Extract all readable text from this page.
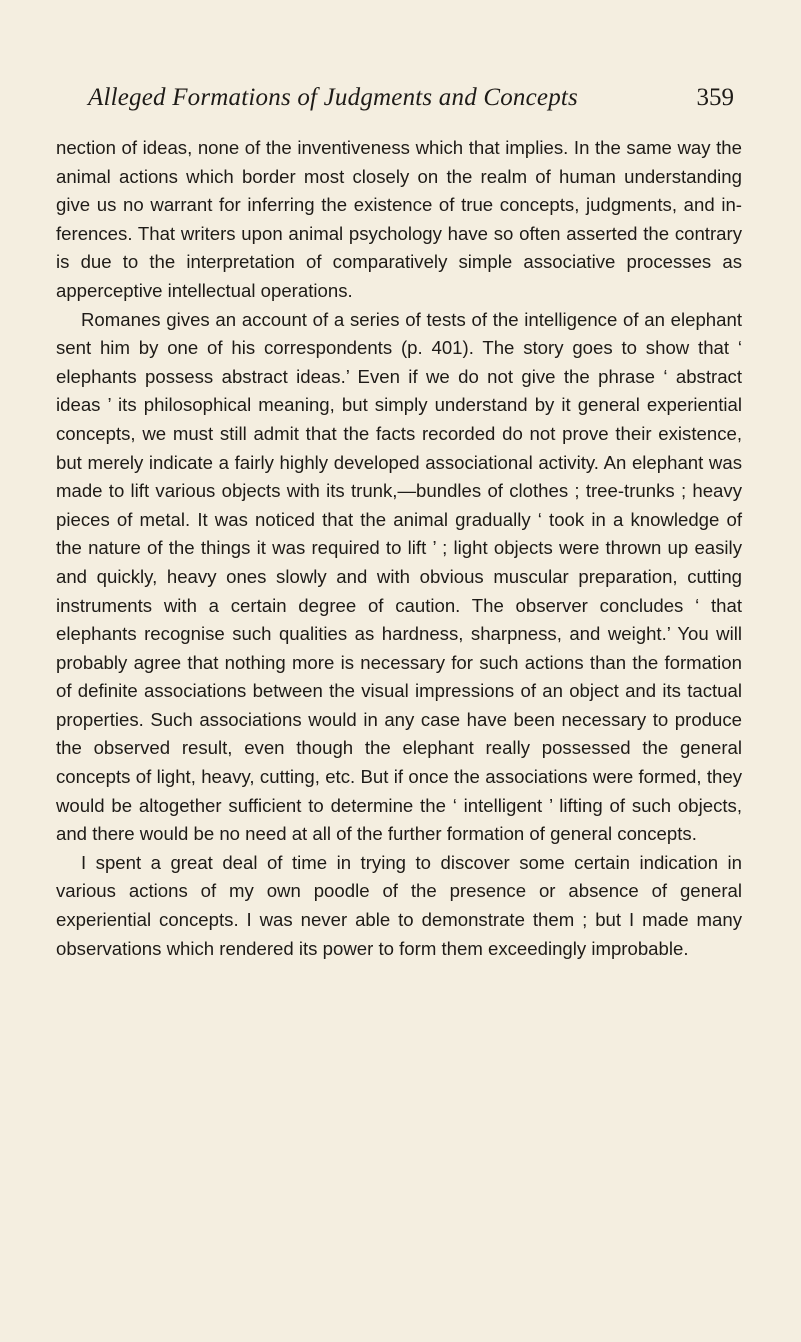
Alleged Formations of Judgments and Concepts	359

nection of ideas, none of the inventiveness which that implies. In the same way the animal actions which border most closely on the realm of human understanding give us no warrant for inferring the existence of true concepts, judgments, and inferences. That writers upon animal psychology have so often asserted the contrary is due to the interpretation of comparatively simple associative processes as apperceptive intellectual operations.

Romanes gives an account of a series of tests of the intelligence of an elephant sent him by one of his correspondents (p. 401). The story goes to show that ‘ elephants possess abstract ideas.’ Even if we do not give the phrase ‘ abstract ideas ’ its philosophical meaning, but simply understand by it general experiential concepts, we must still admit that the facts recorded do not prove their existence, but merely indicate a fairly highly developed associational activity. An elephant was made to lift various objects with its trunk,—bundles of clothes ; tree-trunks ; heavy pieces of metal. It was noticed that the animal gradually ‘ took in a knowledge of the nature of the things it was required to lift ’ ; light objects were thrown up easily and quickly, heavy ones slowly and with obvious muscular preparation, cutting instruments with a certain degree of caution. The observer concludes ‘ that elephants recognise such qualities as hardness, sharpness, and weight.’ You will probably agree that nothing more is necessary for such actions than the formation of definite associations between the visual impressions of an object and its tactual properties. Such associations would in any case have been necessary to produce the observed result, even though the elephant really possessed the general concepts of light, heavy, cutting, etc. But if once the associations were formed, they would be altogether sufficient to determine the ‘ intelligent ’ lifting of such objects, and there would be no need at all of the further formation of general concepts.

I spent a great deal of time in trying to discover some certain indication in various actions of my own poodle of the presence or absence of general experiential concepts. I was never able to demonstrate them ; but I made many observations which rendered its power to form them exceedingly improbable.
